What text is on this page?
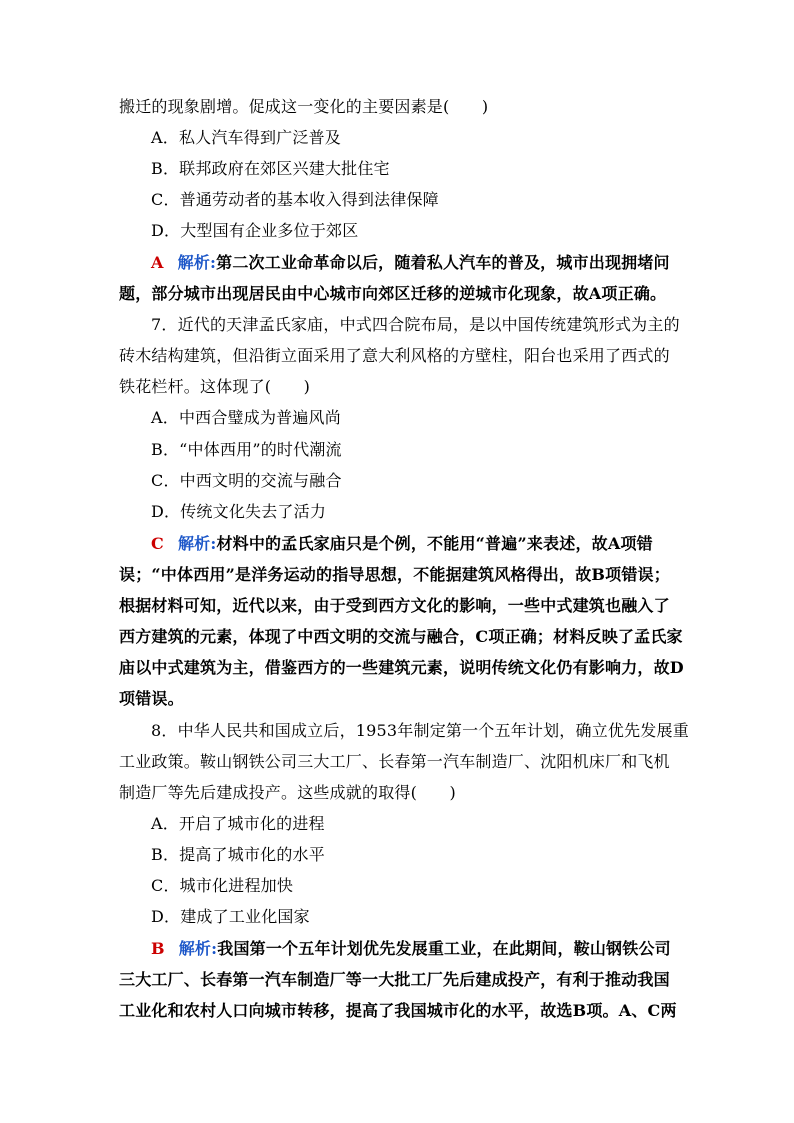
搬迁的现象剧增。促成这一变化的主要因素是(　　)
A．私人汽车得到广泛普及
B．联邦政府在郊区兴建大批住宅
C．普通劳动者的基本收入得到法律保障
D．大型国有企业多位于郊区
A 解析:第二次工业命革命以后，随着私人汽车的普及，城市出现拥堵问
题，部分城市出现居民由中心城市向郊区迁移的逆城市化现象，故A项正确。
7．近代的天津孟氏家庙，中式四合院布局，是以中国传统建筑形式为主的
砖木结构建筑，但沿街立面采用了意大利风格的方壁柱，阳台也采用了西式的
铁花栏杆。这体现了(　　)
A．中西合璧成为普遍风尚
B．“中体西用”的时代潮流
C．中西文明的交流与融合
D．传统文化失去了活力
C 解析:材料中的孟氏家庙只是个例，不能用“普遍”来表述，故A项错
误；“中体西用”是洋务运动的指导思想，不能据建筑风格得出，故B项错误；
根据材料可知，近代以来，由于受到西方文化的影响，一些中式建筑也融入了
西方建筑的元素，体现了中西文明的交流与融合，C项正确；材料反映了孟氏家
庙以中式建筑为主，借鉴西方的一些建筑元素，说明传统文化仍有影响力，故D
项错误。
8．中华人民共和国成立后，1953年制定第一个五年计划，确立优先发展重
工业政策。鞍山钢铁公司三大工厂、长春第一汽车制造厂、沈阳机床厂和飞机
制造厂等先后建成投产。这些成就的取得(　　)
A．开启了城市化的进程
B．提高了城市化的水平
C．城市化进程加快
D．建成了工业化国家
B 解析:我国第一个五年计划优先发展重工业，在此期间，鞍山钢铁公司
三大工厂、长春第一汽车制造厂等一大批工厂先后建成投产，有利于推动我国
工业化和农村人口向城市转移，提高了我国城市化的水平，故选B项。A、C两
